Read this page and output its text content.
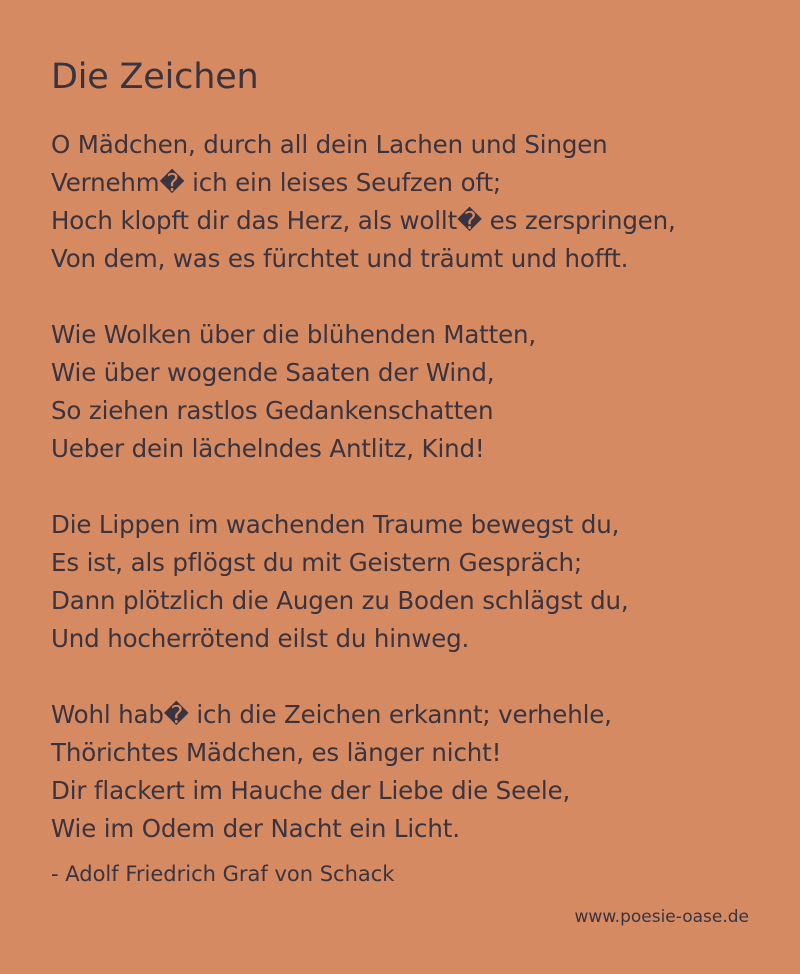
Die Zeichen
O Mädchen, durch all dein Lachen und Singen
Vernehm� ich ein leises Seufzen oft;
Hoch klopft dir das Herz, als wollt� es zerspringen,
Von dem, was es fürchtet und träumt und hofft.
Wie Wolken über die blühenden Matten,
Wie über wogende Saaten der Wind,
So ziehen rastlos Gedankenschatten
Ueber dein lächelndes Antlitz, Kind!
Die Lippen im wachenden Traume bewegst du,
Es ist, als pflögst du mit Geistern Gespräch;
Dann plötzlich die Augen zu Boden schlägst du,
Und hocherrötend eilst du hinweg.
Wohl hab� ich die Zeichen erkannt; verhehle,
Thörichtes Mädchen, es länger nicht!
Dir flackert im Hauche der Liebe die Seele,
Wie im Odem der Nacht ein Licht.
- Adolf Friedrich Graf von Schack
www.poesie-oase.de
